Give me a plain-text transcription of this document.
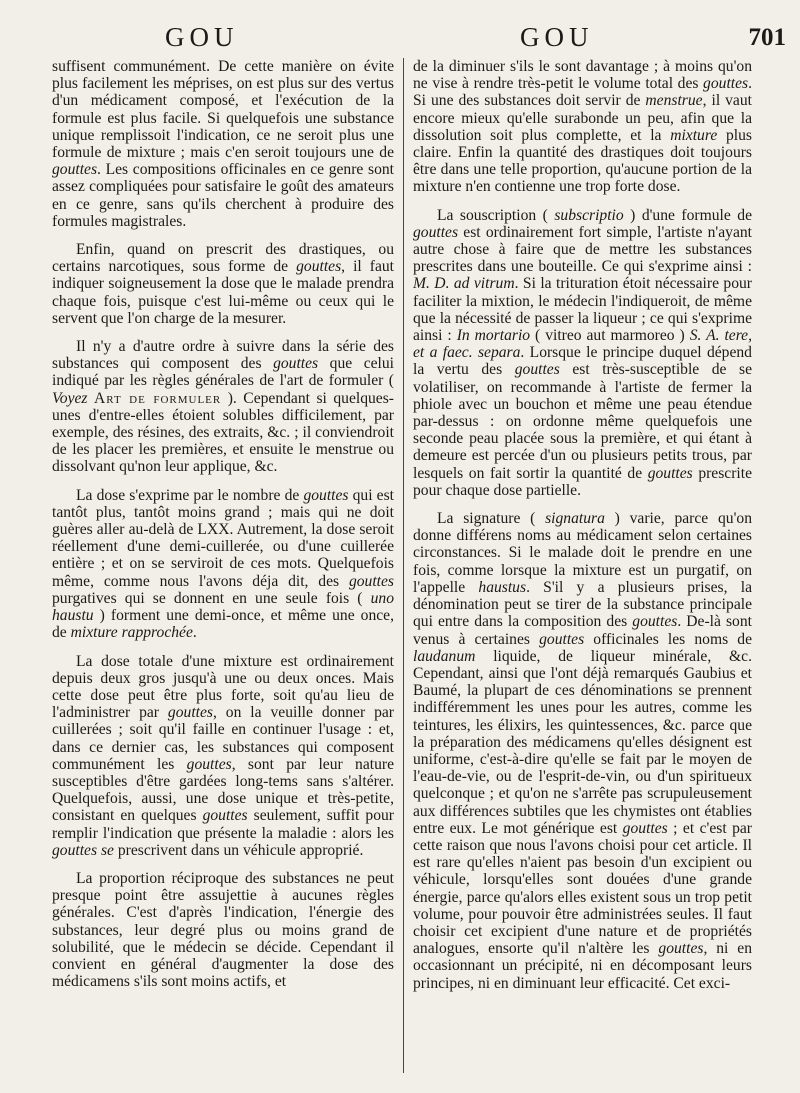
GOU	GOU	701

suffisent communément. De cette manière on évite plus facilement les méprises, on est plus sur des vertus d'un médicament composé, et l'exécution de la formule est plus facile. Si quelquefois une substance unique remplissoit l'indication, ce ne seroit plus une formule de mixture ; mais c'en seroit toujours une de gouttes. Les compositions officinales en ce genre sont assez compliquées pour satisfaire le goût des amateurs en ce genre, sans qu'ils cherchent à produire des formules magistrales.

Enfin, quand on prescrit des drastiques, ou certains narcotiques, sous forme de gouttes, il faut indiquer soigneusement la dose que le malade prendra chaque fois, puisque c'est lui-même ou ceux qui le servent que l'on charge de la mesurer.

Il n'y a d'autre ordre à suivre dans la série des substances qui composent des gouttes que celui indiqué par les règles générales de l'art de formuler ( Voyez Art de formuler ). Cependant si quelques-unes d'entre-elles étoient solubles difficilement, par exemple, des résines, des extraits, &c. ; il conviendroit de les placer les premières, et ensuite le menstrue ou dissolvant qu'non leur applique, &c.

La dose s'exprime par le nombre de gouttes qui est tantôt plus, tantôt moins grand ; mais qui ne doit guères aller au-delà de LXX. Autrement, la dose seroit réellement d'une demi-cuillerée, ou d'une cuillerée entière ; et on se serviroit de ces mots. Quelquefois même, comme nous l'avons déja dit, des gouttes purgatives qui se donnent en une seule fois ( uno haustu ) forment une demi-once, et même une once, de mixture rapprochée.

La dose totale d'une mixture est ordinairement depuis deux gros jusqu'à une ou deux onces. Mais cette dose peut être plus forte, soit qu'au lieu de l'administrer par gouttes, on la veuille donner par cuillerées ; soit qu'il faille en continuer l'usage : et, dans ce dernier cas, les substances qui composent communément les gouttes, sont par leur nature susceptibles d'être gardées long-tems sans s'altérer. Quelquefois, aussi, une dose unique et très-petite, consistant en quelques gouttes seulement, suffit pour remplir l'indication que présente la maladie : alors les gouttes se prescrivent dans un véhicule approprié.

La proportion réciproque des substances ne peut presque point être assujettie à aucunes règles générales. C'est d'après l'indication, l'énergie des substances, leur degré plus ou moins grand de solubilité, que le médecin se décide. Cependant il convient en général d'augmenter la dose des médicamens s'ils sont moins actifs, et

de la diminuer s'ils le sont davantage ; à moins qu'on ne vise à rendre très-petit le volume total des gouttes. Si une des substances doit servir de menstrue, il vaut encore mieux qu'elle surabonde un peu, afin que la dissolution soit plus complette, et la mixture plus claire. Enfin la quantité des drastiques doit toujours être dans une telle proportion, qu'aucune portion de la mixture n'en contienne une trop forte dose.

La souscription ( subscriptio ) d'une formule de gouttes est ordinairement fort simple, l'artiste n'ayant autre chose à faire que de mettre les substances prescrites dans une bouteille. Ce qui s'exprime ainsi : M. D. ad vitrum. Si la trituration étoit nécessaire pour faciliter la mixtion, le médecin l'indiqueroit, de même que la nécessité de passer la liqueur ; ce qui s'exprime ainsi : In mortario ( vitreo aut marmoreo ) S. A. tere, et a faec. separa. Lorsque le principe duquel dépend la vertu des gouttes est très-susceptible de se volatiliser, on recommande à l'artiste de fermer la phiole avec un bouchon et même une peau étendue par-dessus : on ordonne même quelquefois une seconde peau placée sous la première, et qui étant à demeure est percée d'un ou plusieurs petits trous, par lesquels on fait sortir la quantité de gouttes prescrite pour chaque dose partielle.

La signature ( signatura ) varie, parce qu'on donne différens noms au médicament selon certaines circonstances. Si le malade doit le prendre en une fois, comme lorsque la mixture est un purgatif, on l'appelle haustus. S'il y a plusieurs prises, la dénomination peut se tirer de la substance principale qui entre dans la composition des gouttes. De-là sont venus à certaines gouttes officinales les noms de laudanum liquide, de liqueur minérale, &c. Cependant, ainsi que l'ont déjà remarqués Gaubius et Baumé, la plupart de ces dénominations se prennent indifféremment les unes pour les autres, comme les teintures, les élixirs, les quintessences, &c. parce que la préparation des médicamens qu'elles désignent est uniforme, c'est-à-dire qu'elle se fait par le moyen de l'eau-de-vie, ou de l'esprit-de-vin, ou d'un spiritueux quelconque ; et qu'on ne s'arrête pas scrupuleusement aux différences subtiles que les chymistes ont établies entre eux. Le mot générique est gouttes ; et c'est par cette raison que nous l'avons choisi pour cet article. Il est rare qu'elles n'aient pas besoin d'un excipient ou véhicule, lorsqu'elles sont douées d'une grande énergie, parce qu'alors elles existent sous un trop petit volume, pour pouvoir être administrées seules. Il faut choisir cet excipient d'une nature et de propriétés analogues, ensorte qu'il n'altère les gouttes, ni en occasionnant un précipité, ni en décomposant leurs principes, ni en diminuant leur efficacité. Cet exci-
